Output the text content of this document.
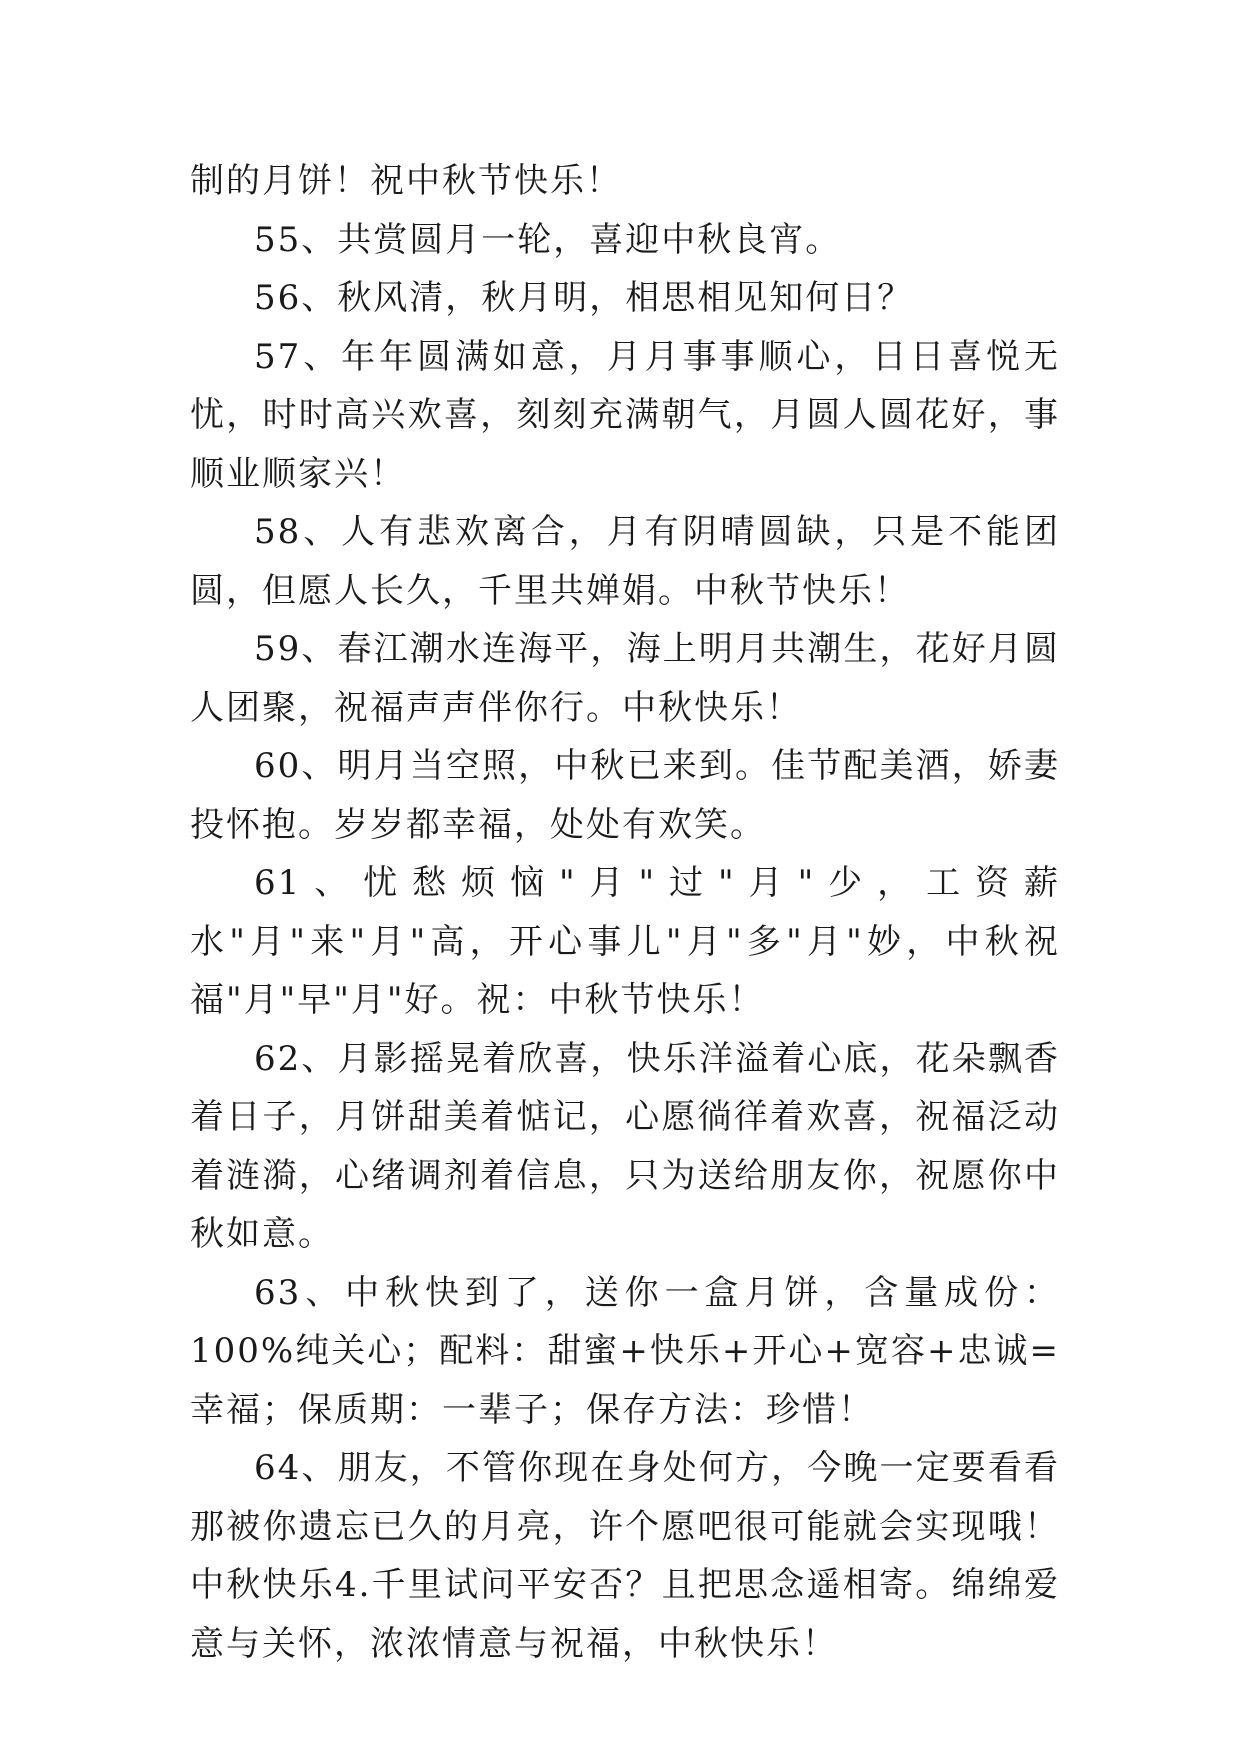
制的月饼！祝中秋节快乐！

55、共赏圆月一轮，喜迎中秋良宵。

56、秋风清，秋月明，相思相见知何日？

57、年年圆满如意，月月事事顺心，日日喜悦无忧，时时高兴欢喜，刻刻充满朝气，月圆人圆花好，事顺业顺家兴！

58、人有悲欢离合，月有阴晴圆缺，只是不能团圆，但愿人长久，千里共婵娟。中秋节快乐！

59、春江潮水连海平，海上明月共潮生，花好月圆人团聚，祝福声声伴你行。中秋快乐！

60、明月当空照，中秋已来到。佳节配美酒，娇妻投怀抱。岁岁都幸福，处处有欢笑。

61、忧愁烦恼"月"过"月"少，工资薪水"月"来"月"高，开心事儿"月"多"月"妙，中秋祝福"月"早"月"好。祝：中秋节快乐！

62、月影摇晃着欣喜，快乐洋溢着心底，花朵飘香着日子，月饼甜美着惦记，心愿徜徉着欢喜，祝福泛动着涟漪，心绪调剂着信息，只为送给朋友你，祝愿你中秋如意。

63、中秋快到了，送你一盒月饼，含量成份：100%纯关心；配料：甜蜜+快乐+开心+宽容+忠诚=幸福；保质期：一辈子；保存方法：珍惜！

64、朋友，不管你现在身处何方，今晚一定要看看那被你遗忘已久的月亮，许个愿吧很可能就会实现哦！中秋快乐4.千里试问平安否？且把思念遥相寄。绵绵爱意与关怀，浓浓情意与祝福，中秋快乐！
